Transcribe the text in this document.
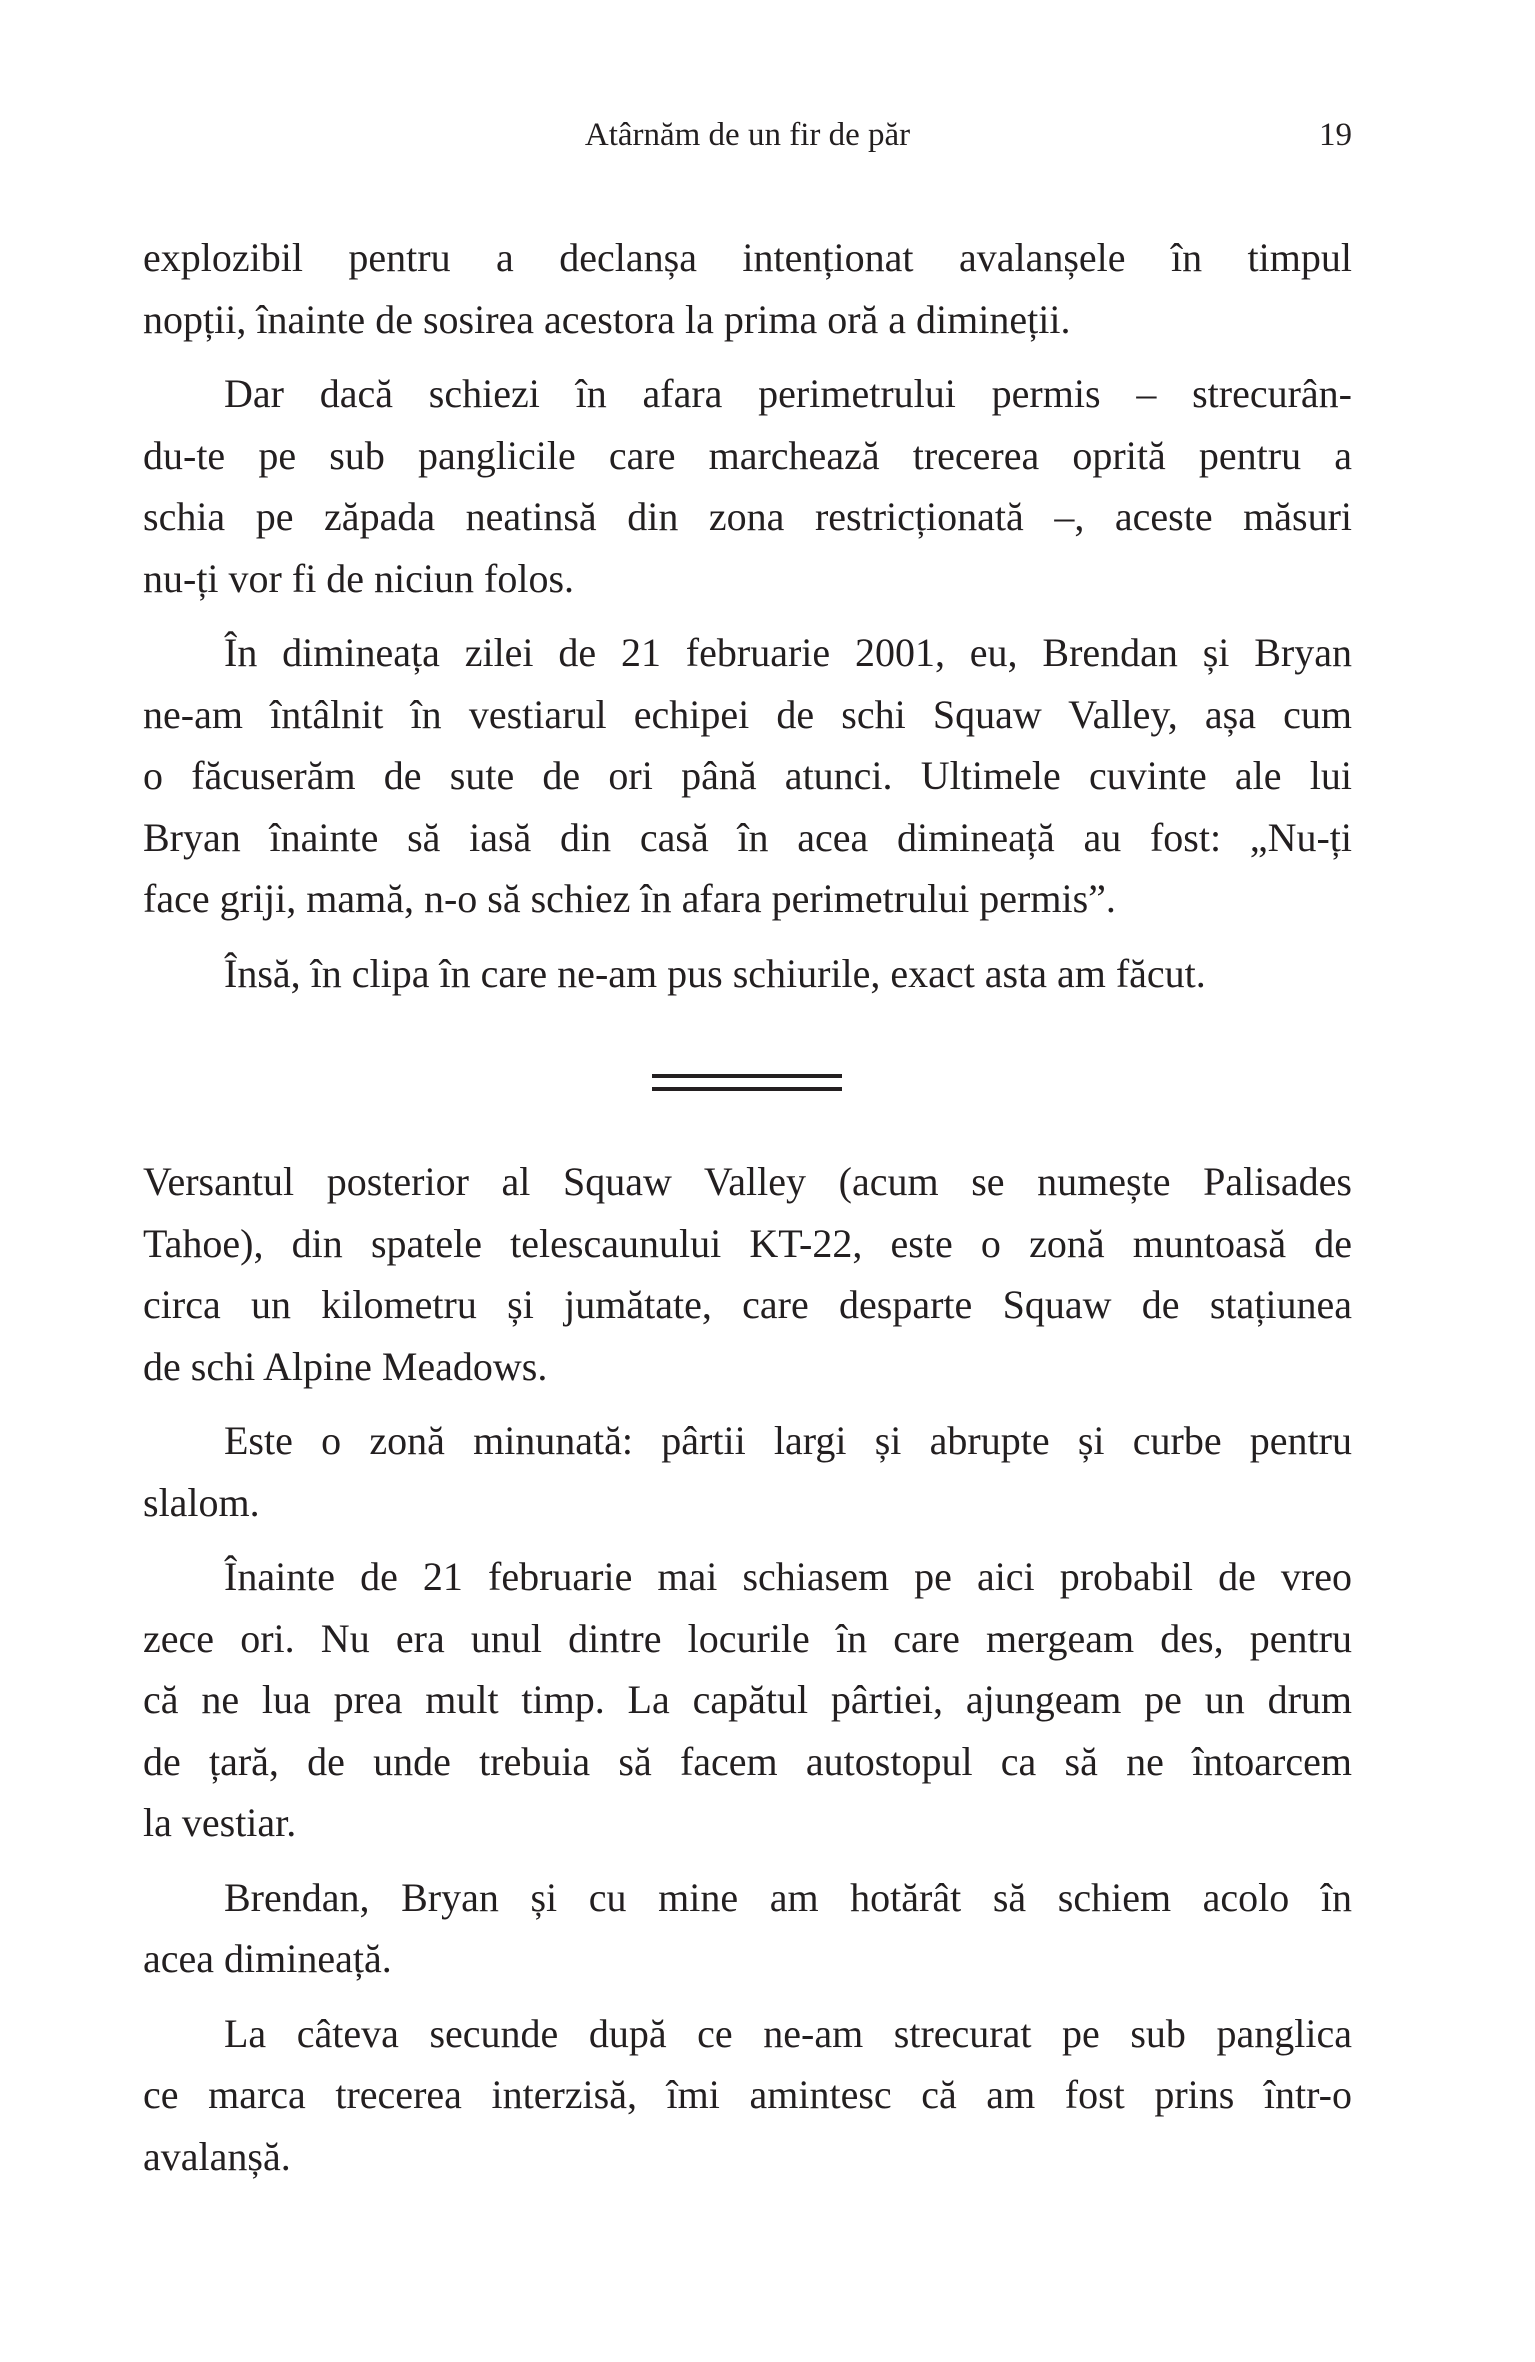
Atârnăm de un fir de păr	19
explozibil pentru a declanșa intenționat avalanșele în timpul
nopții, înainte de sosirea acestora la prima oră a dimineții.
Dar dacă schiezi în afara perimetrului permis – strecurân-
du-te pe sub panglicile care marchează trecerea oprită pentru a
schia pe zăpada neatinsă din zona restricționată –, aceste măsuri
nu-ți vor fi de niciun folos.
În dimineața zilei de 21 februarie 2001, eu, Brendan și Bryan
ne-am întâlnit în vestiarul echipei de schi Squaw Valley, așa cum
o făcuserăm de sute de ori până atunci. Ultimele cuvinte ale lui
Bryan înainte să iasă din casă în acea dimineață au fost: „Nu-ți
face griji, mamă, n-o să schiez în afara perimetrului permis”.
Însă, în clipa în care ne-am pus schiurile, exact asta am făcut.
Versantul posterior al Squaw Valley (acum se numește Palisades
Tahoe), din spatele telescaunului KT-22, este o zonă muntoasă de
circa un kilometru și jumătate, care desparte Squaw de stațiunea
de schi Alpine Meadows.
Este o zonă minunată: pârtii largi și abrupte și curbe pentru
slalom.
Înainte de 21 februarie mai schiasem pe aici probabil de vreo
zece ori. Nu era unul dintre locurile în care mergeam des, pentru
că ne lua prea mult timp. La capătul pârtiei, ajungeam pe un drum
de țară, de unde trebuia să facem autostopul ca să ne întoarcem
la vestiar.
Brendan, Bryan și cu mine am hotărât să schiem acolo în
acea dimineață.
La câteva secunde după ce ne-am strecurat pe sub panglica
ce marca trecerea interzisă, îmi amintesc că am fost prins într-o
avalanșă.
